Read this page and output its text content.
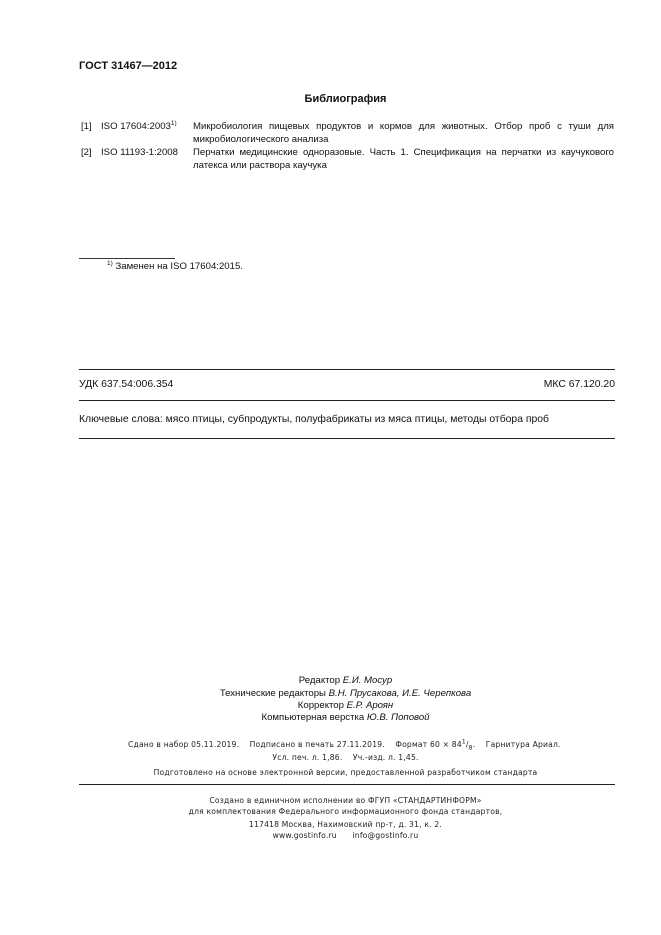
ГОСТ 31467—2012
Библиография
[1] ISO 17604:2003$^{1)}$ Микробиология пищевых продуктов и кормов для животных. Отбор проб с туши для микробиологического анализа
[2] ISO 11193-1:2008 Перчатки медицинские одноразовые. Часть 1. Спецификация на перчатки из каучукового латекса или раствора каучука
$^{1)}$ Заменен на ISO 17604:2015.
УДК 637.54:006.354	МКС 67.120.20
Ключевые слова: мясо птицы, субпродукты, полуфабрикаты из мяса птицы, методы отбора проб
Редактор Е.И. Мосур
Технические редакторы В.Н. Прусакова, И.Е. Черепкова
Корректор Е.Р. Ароян
Компьютерная верстка Ю.В. Поповой
Сдано в набор 05.11.2019.    Подписано в печать 27.11.2019.    Формат $60 \times 84^1/_8$.    Гарнитура Ариал.
Усл. печ. л. 1,86.    Уч.-изд. л. 1,45.
Подготовлено на основе электронной версии, предоставленной разработчиком стандарта
Создано в единичном исполнении во ФГУП «СТАНДАРТИНФОРМ»
для комплектования Федерального информационного фонда стандартов,
117418 Москва, Нахимовский пр-т, д. 31, к. 2.
www.gostinfo.ru      info@gostinfo.ru
